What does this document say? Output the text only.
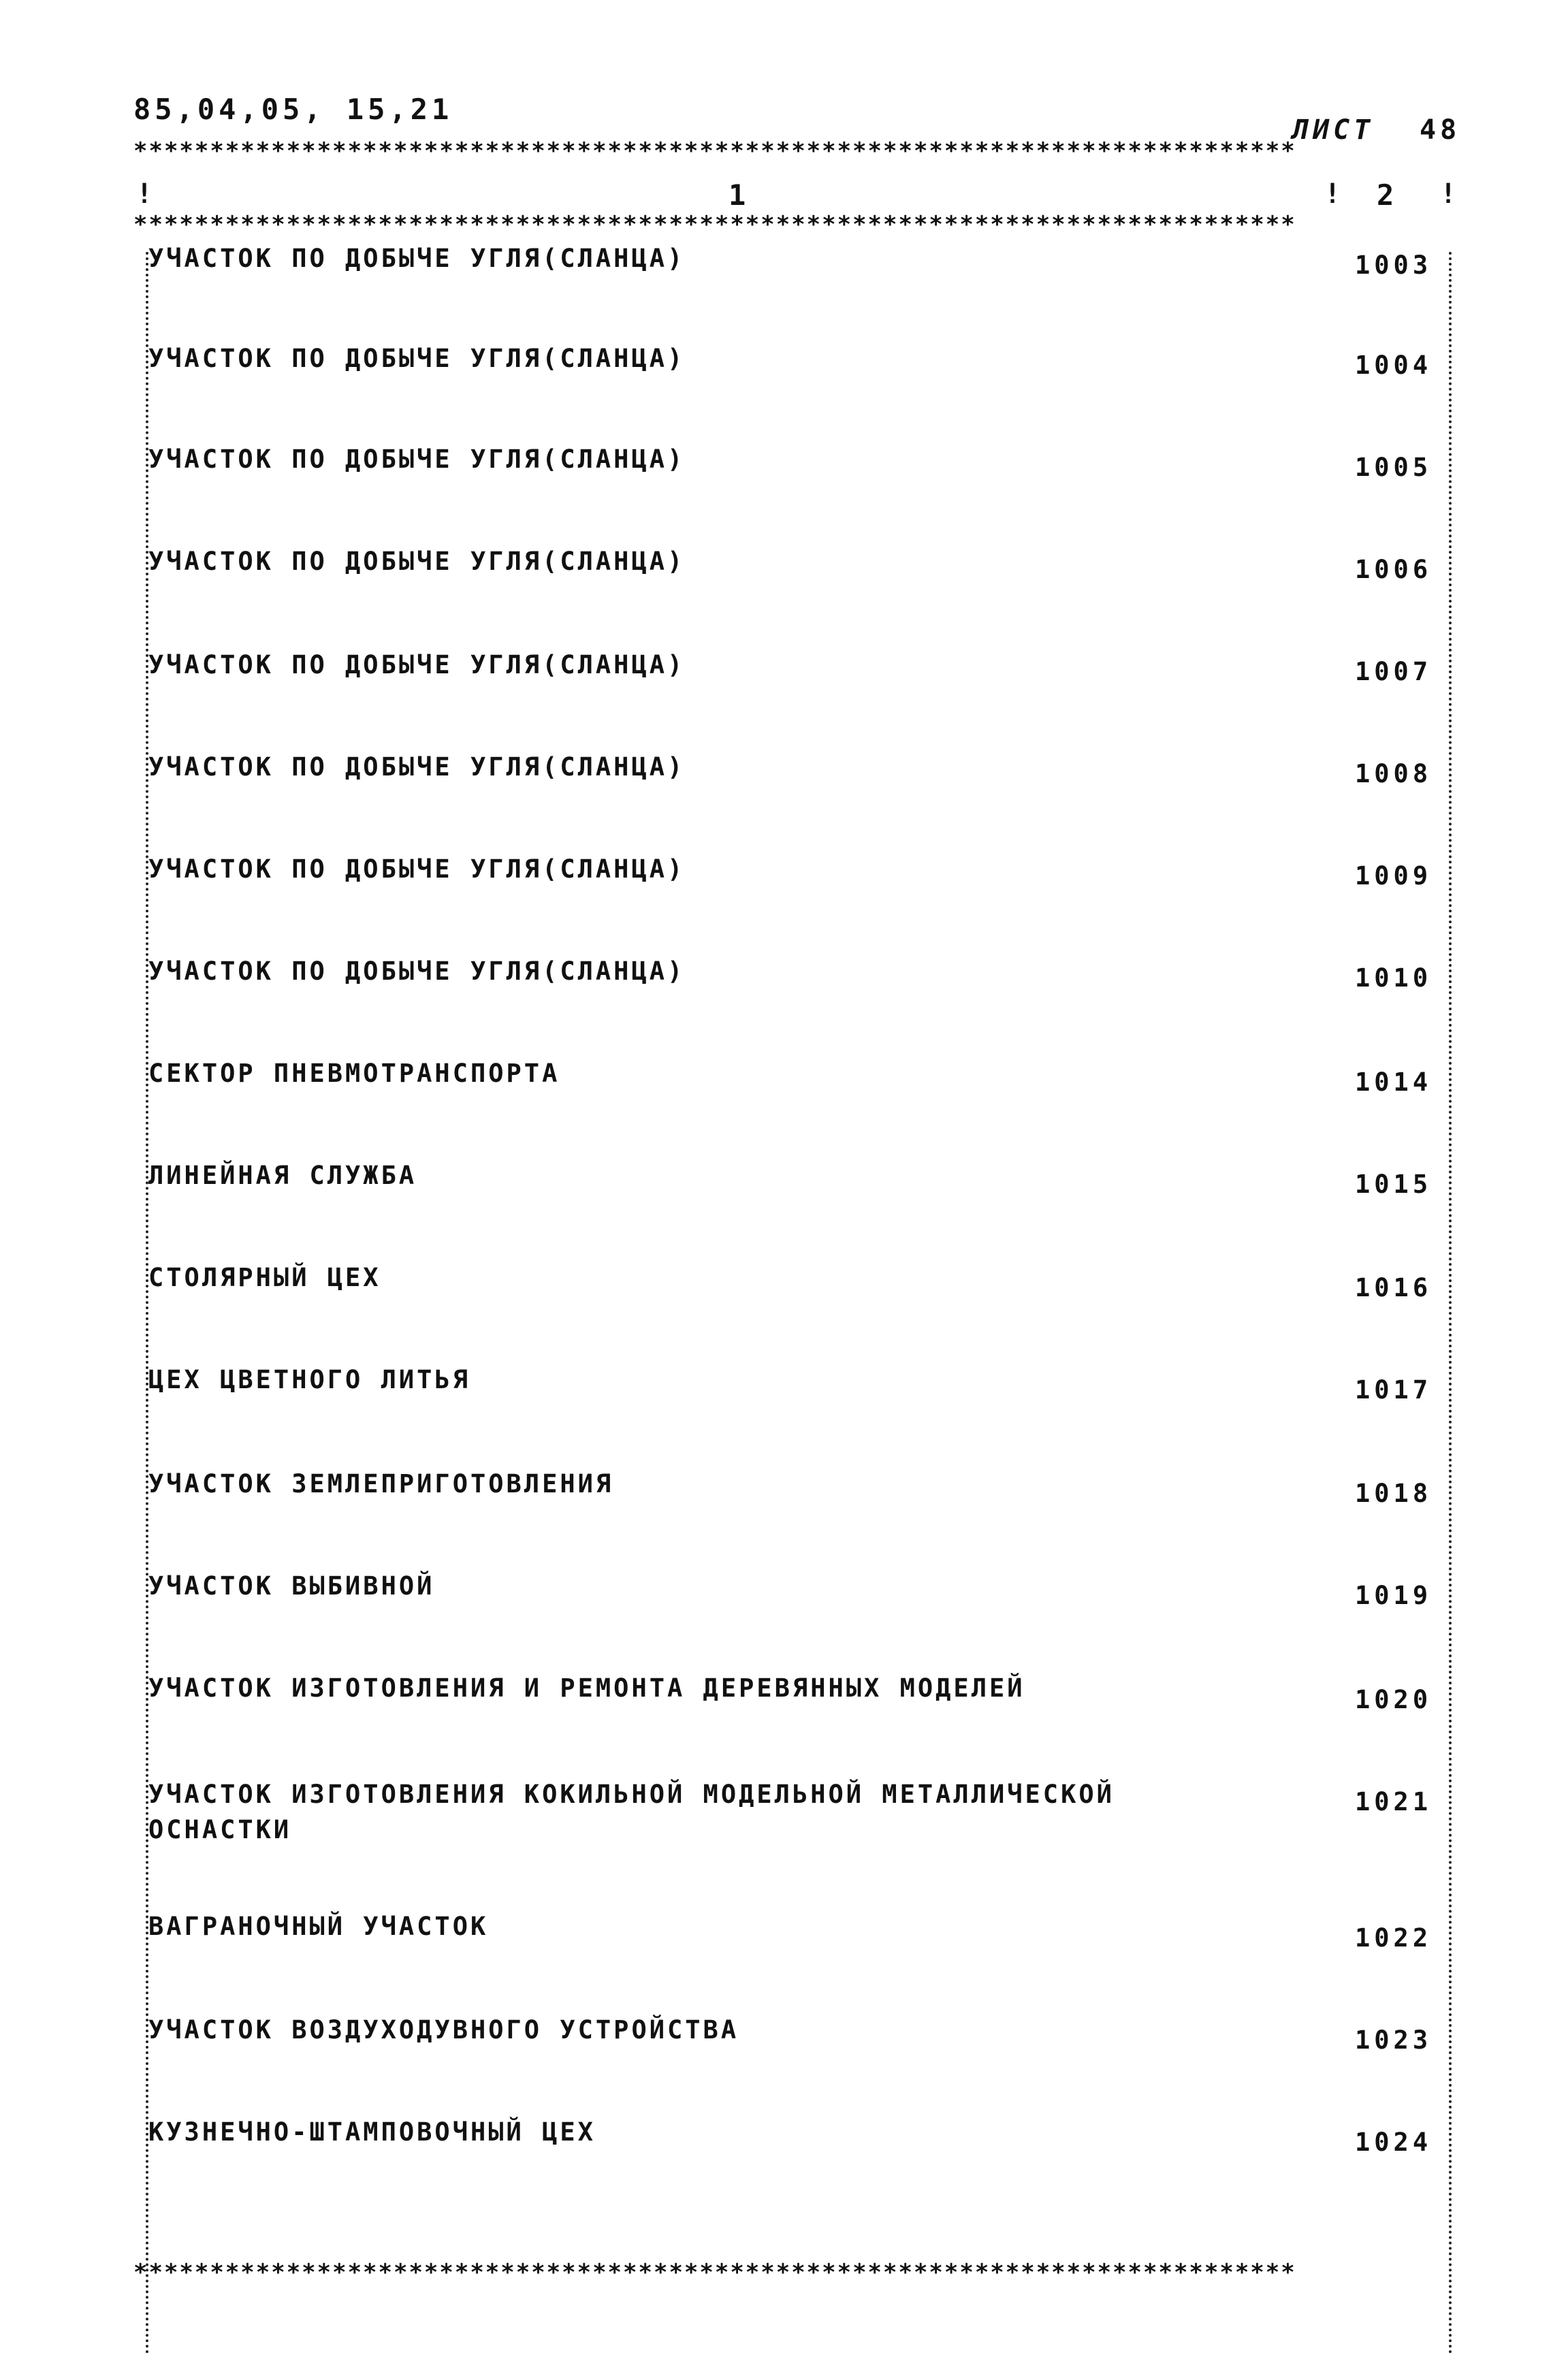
85,04,05, 15,21
ЛИСТ 48
****************************************************************************
1	2
!	!	!
****************************************************************************
УЧАСТОК ПО ДОБЫЧЕ УГЛЯ(СЛАНЦА)	1003
УЧАСТОК ПО ДОБЫЧЕ УГЛЯ(СЛАНЦА)	1004
УЧАСТОК ПО ДОБЫЧЕ УГЛЯ(СЛАНЦА)	1005
УЧАСТОК ПО ДОБЫЧЕ УГЛЯ(СЛАНЦА)	1006
УЧАСТОК ПО ДОБЫЧЕ УГЛЯ(СЛАНЦА)	1007
УЧАСТОК ПО ДОБЫЧЕ УГЛЯ(СЛАНЦА)	1008
УЧАСТОК ПО ДОБЫЧЕ УГЛЯ(СЛАНЦА)	1009
УЧАСТОК ПО ДОБЫЧЕ УГЛЯ(СЛАНЦА)	1010
СЕКТОР ПНЕВМОТРАНСПОРТА	1014
ЛИНЕЙНАЯ СЛУЖБА	1015
СТОЛЯРНЫЙ ЦЕХ	1016
ЦЕХ ЦВЕТНОГО ЛИТЬЯ	1017
УЧАСТОК ЗЕМЛЕПРИГОТОВЛЕНИЯ	1018
УЧАСТОК ВЫБИВНОЙ	1019
УЧАСТОК ИЗГОТОВЛЕНИЯ И РЕМОНТА ДЕРЕВЯННЫХ МОДЕЛЕЙ	1020
УЧАСТОК ИЗГОТОВЛЕНИЯ КОКИЛЬНОЙ МОДЕЛЬНОЙ МЕТАЛЛИЧЕСКОЙ
ОСНАСТКИ
1021
ВАГРАНОЧНЫЙ УЧАСТОК	1022
УЧАСТОК ВОЗДУХОДУВНОГО УСТРОЙСТВА	1023
КУЗНЕЧНО-ШТАМПОВОЧНЫЙ ЦЕХ	1024
****************************************************************************
